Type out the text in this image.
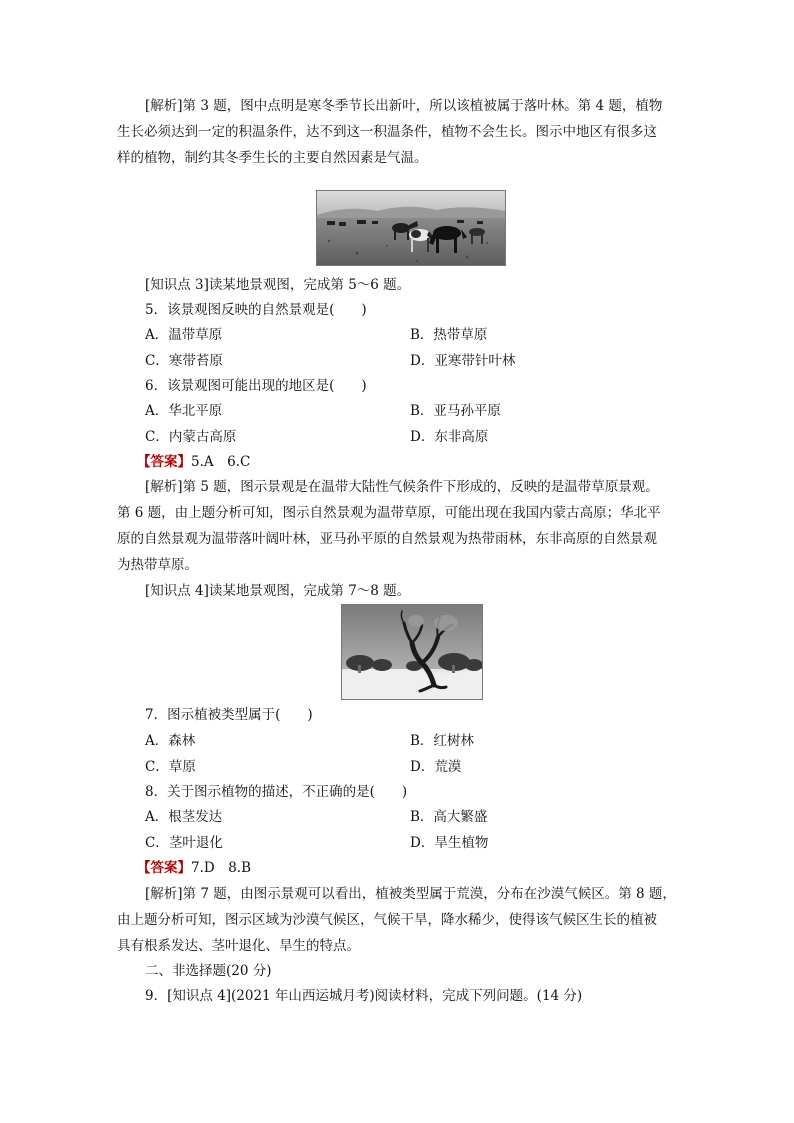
[解析]第 3 题，图中点明是寒冬季节长出新叶，所以该植被属于落叶林。第 4 题，植物
生长必须达到一定的积温条件，达不到这一积温条件，植物不会生长。图示中地区有很多这
样的植物，制约其冬季生长的主要自然因素是气温。
[知识点 3]读某地景观图，完成第 5～6 题。
5．该景观图反映的自然景观是(　　)
A．温带草原	B．热带草原
C．寒带苔原	D．亚寒带针叶林
6．该景观图可能出现的地区是(　　)
A．华北平原	B．亚马孙平原
C．内蒙古高原	D．东非高原
【答案】5.A　6.C
[解析]第 5 题，图示景观是在温带大陆性气候条件下形成的，反映的是温带草原景观。
第 6 题，由上题分析可知，图示自然景观为温带草原，可能出现在我国内蒙古高原；华北平
原的自然景观为温带落叶阔叶林，亚马孙平原的自然景观为热带雨林，东非高原的自然景观
为热带草原。
[知识点 4]读某地景观图，完成第 7～8 题。
7．图示植被类型属于(　　)
A．森林	B．红树林
C．草原	D．荒漠
8．关于图示植物的描述，不正确的是(　　)
A．根茎发达	B．高大繁盛
C．茎叶退化	D．旱生植物
【答案】7.D　8.B
[解析]第 7 题，由图示景观可以看出，植被类型属于荒漠，分布在沙漠气候区。第 8 题，
由上题分析可知，图示区域为沙漠气候区，气候干旱，降水稀少，使得该气候区生长的植被
具有根系发达、茎叶退化、旱生的特点。
二、非选择题(20 分)
9．[知识点 4](2021 年山西运城月考)阅读材料，完成下列问题。(14 分)
